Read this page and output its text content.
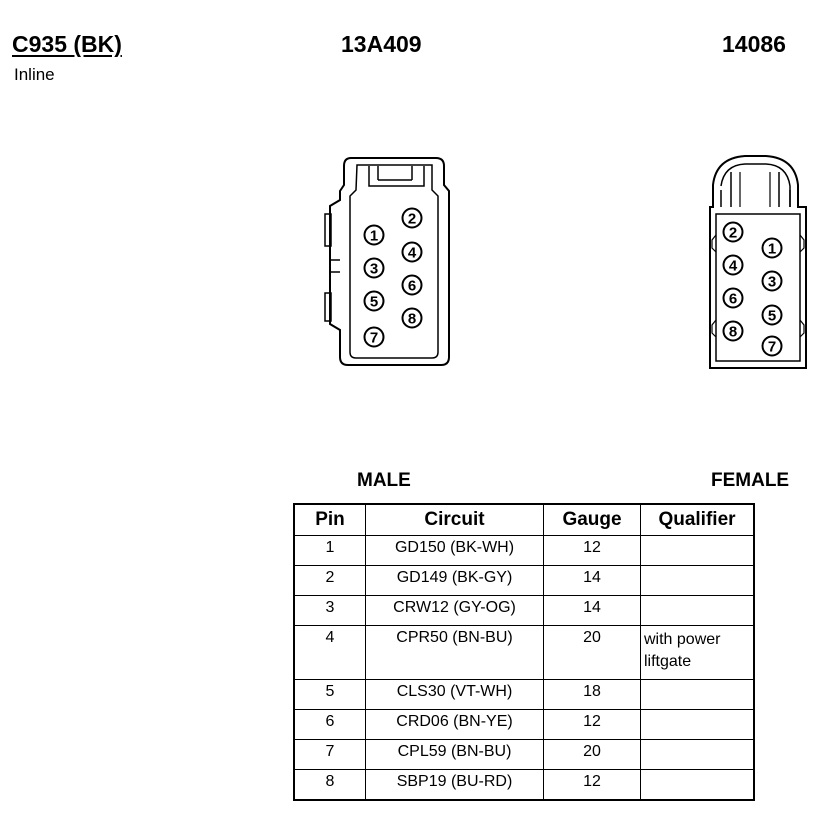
C935 (BK)	13A409	14086
Inline
1
2
3
4
5
6
7
8
2
1
4
3
6
5
8
7
MALE	FEMALE
Pin	Circuit	Gauge	Qualifier
1	GD150 (BK-WH)	12	
2	GD149 (BK-GY)	14	
3	CRW12 (GY-OG)	14	
4	CPR50 (BN-BU)	20	with power liftgate
5	CLS30 (VT-WH)	18	
6	CRD06 (BN-YE)	12	
7	CPL59 (BN-BU)	20	
8	SBP19 (BU-RD)	12	
